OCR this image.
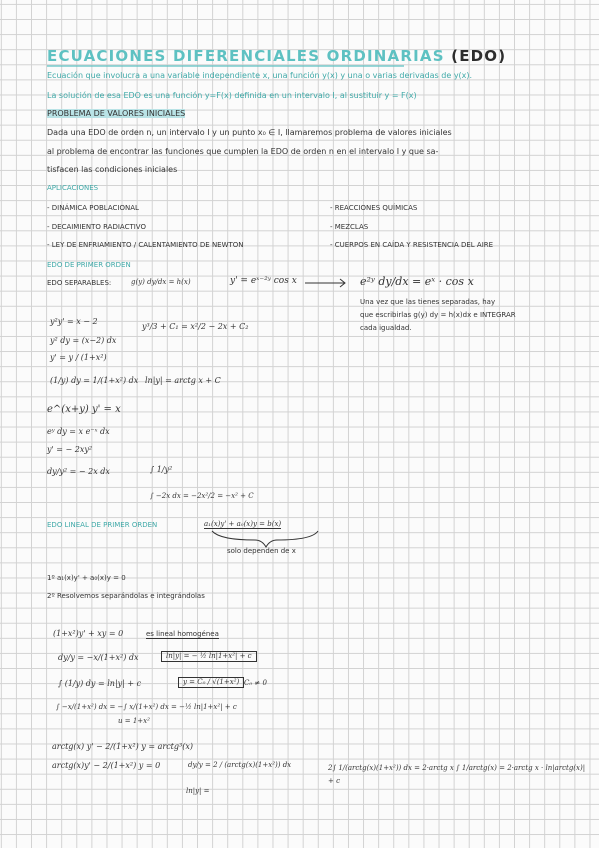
ECUACIONES DIFERENCIALES ORDINARIAS (EDO)
Ecuación que involucra a una variable independiente x, una función y(x) y una o varias derivadas de y(x).
La solución de esa EDO es una función y=F(x) definida en un intervalo I, al sustituir y = F(x)
PROBLEMA DE VALORES INICIALES
Dada una EDO de orden n, un intervalo I y un punto x₀ ∈ I, llamaremos problema de valores iniciales
al problema de encontrar las funciones que cumplen la EDO de orden n en el intervalo I y que sa-
tisfacen las condiciones iniciales
APLICACIONES
- DINÁMICA POBLACIONAL
- DECAIMIENTO RADIACTIVO
- LEY DE ENFRIAMIENTO / CALENTAMIENTO DE NEWTON
- REACCIONES QUÍMICAS
- MEZCLAS
- CUERPOS EN CAÍDA Y RESISTENCIA DEL AIRE
EDO DE PRIMER ORDEN
EDO SEPARABLES:	g(y) dy/dx = h(x)	y' = eˣ⁻²ʸ cos x	e²ʸ dy/dx = eˣ · cos x
Una vez que las tienes separadas, hay
que escribirlas g(y) dy = h(x)dx e INTEGRAR
cada igualdad.
y²y' = x − 2
y² dy = (x−2) dx
y' = y / (1+x²)
(1/y) dy = 1/(1+x²) dx
y³/3 + C₁ = x²/2 − 2x + C₂
ln|y| = arctg x + C
e^(x+y) y' = x
eʸ dy = x e⁻ˣ dx
y' = − 2xy²
dy/y² = − 2x dx	∫ 1/y²
∫ −2x dx = −2x²/2 = −x² + C
EDO LINEAL DE PRIMER ORDEN	a₁(x)y' + a₀(x)y = b(x)
solo dependen de x
1º a₁(x)y' + a₀(x)y = 0
2º Resolvemos separándolas e integrándolas
(1+x²)y' + xy = 0	es lineal homogénea
dy/y = −x/(1+x²) dx	ln|y| = − ½ ln|1+x²| + c
∫ (1/y) dy = ln|y| + c	y = C₀ / √(1+x²) C₀ ≠ 0
∫ −x/(1+x²) dx = −∫ x/(1+x²) dx = −½ ln|1+x²| + c
u = 1+x²
arctg(x) y' − 2/(1+x²) y = arctg³(x)
arctg(x)y' − 2/(1+x²) y = 0	dy/y = 2 / (arctg(x)(1+x²)) dx
ln|y| =
2∫ 1/(arctg(x)(1+x²)) dx = 2·arctg x ∫ 1/arctg(x) = 2·arctg x · ln|arctg(x)| + c
